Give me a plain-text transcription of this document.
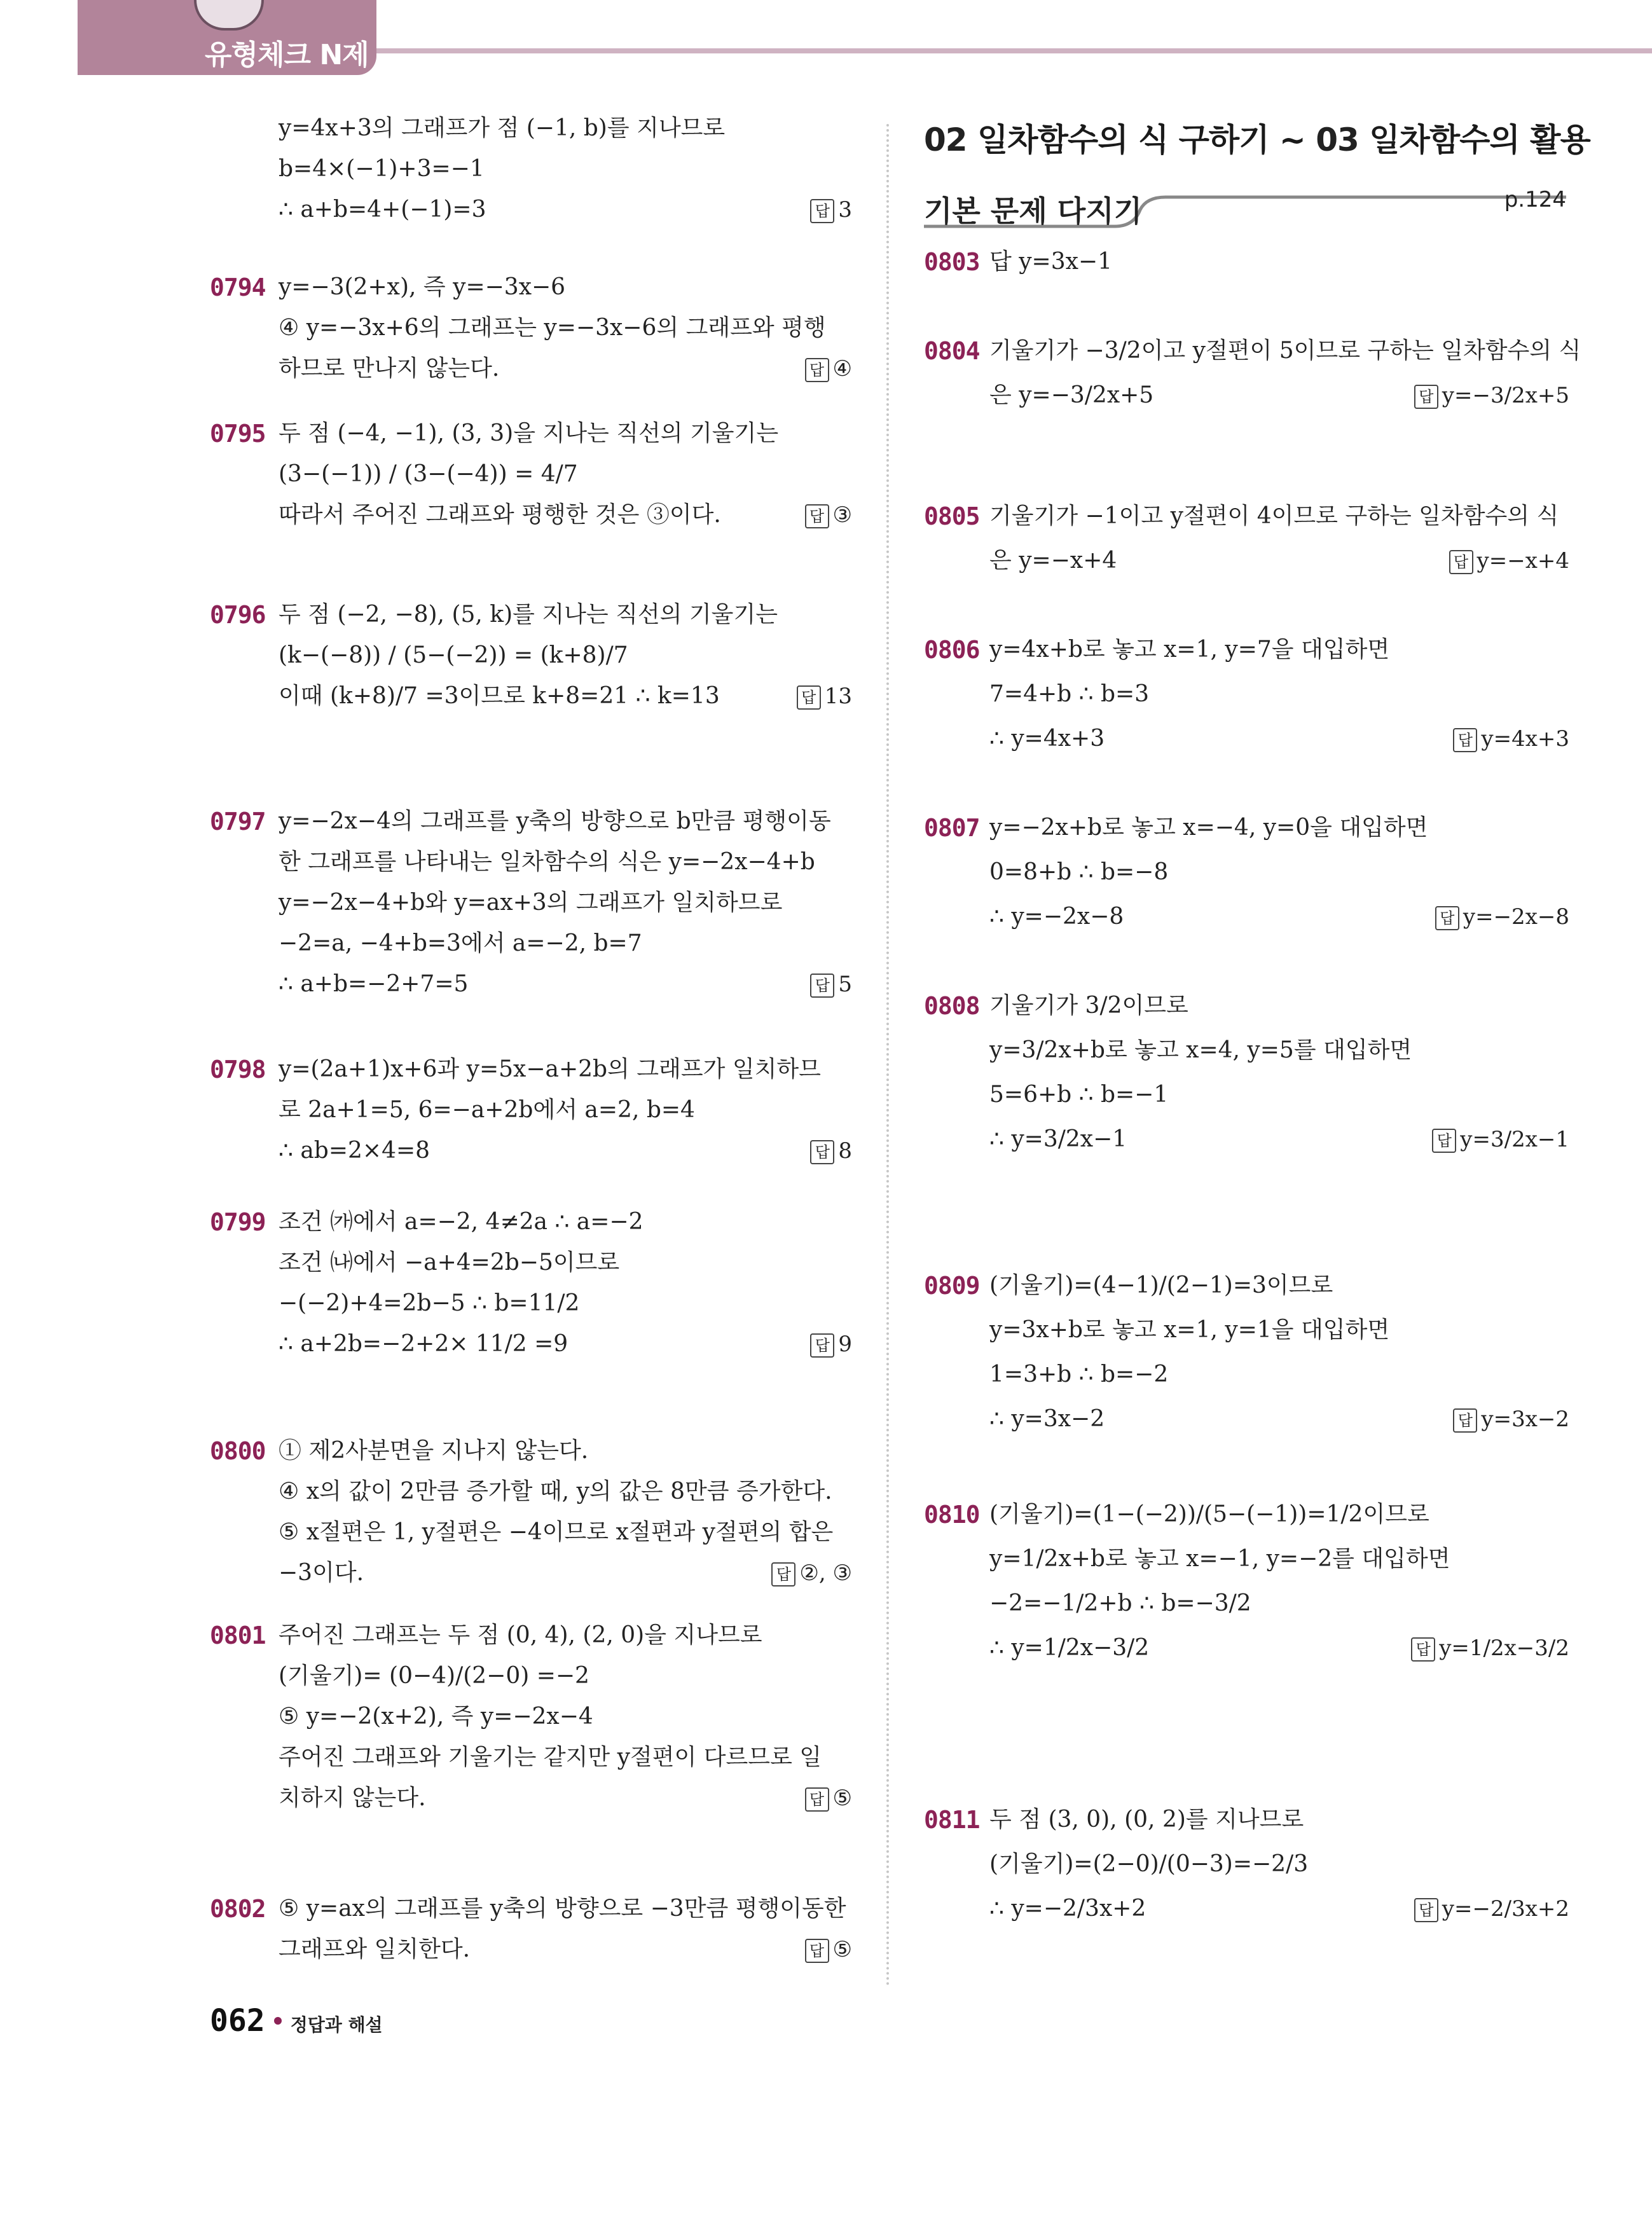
유형체크 N제
02 일차함수의 식 구하기 ~ 03 일차함수의 활용
기본 문제 다지기	p.124
y=4x+3의 그래프가 점 (−1, b)를 지나므로
b=4×(−1)+3=−1
∴ a+b=4+(−1)=3	답 3
0794 y=−3(2+x), 즉 y=−3x−6
④ y=−3x+6의 그래프는 y=−3x−6의 그래프와 평행
하므로 만나지 않는다.	답 ④
0795 두 점 (−4, −1), (3, 3)을 지나는 직선의 기울기는
(3−(−1)) / (3−(−4)) = 4/7
따라서 주어진 그래프와 평행한 것은 ③이다.	답 ③
0796 두 점 (−2, −8), (5, k)를 지나는 직선의 기울기는
(k−(−8)) / (5−(−2)) = (k+8)/7
이때 (k+8)/7 =3이므로 k+8=21 ∴ k=13	답 13
0797 y=−2x−4의 그래프를 y축의 방향으로 b만큼 평행이동
한 그래프를 나타내는 일차함수의 식은 y=−2x−4+b
y=−2x−4+b와 y=ax+3의 그래프가 일치하므로
−2=a, −4+b=3에서 a=−2, b=7
∴ a+b=−2+7=5	답 5
0798 y=(2a+1)x+6과 y=5x−a+2b의 그래프가 일치하므
로 2a+1=5, 6=−a+2b에서 a=2, b=4
∴ ab=2×4=8	답 8
0799 조건 ㈎에서 a=−2, 4≠2a ∴ a=−2
조건 ㈏에서 −a+4=2b−5이므로
−(−2)+4=2b−5 ∴ b=11/2
∴ a+2b=−2+2× 11/2 =9	답 9
0800 ① 제2사분면을 지나지 않는다.
④ x의 값이 2만큼 증가할 때, y의 값은 8만큼 증가한다.
⑤ x절편은 1, y절편은 −4이므로 x절편과 y절편의 합은
−3이다.	답 ②, ③
0801 주어진 그래프는 두 점 (0, 4), (2, 0)을 지나므로
(기울기)= (0−4)/(2−0) =−2
⑤ y=−2(x+2), 즉 y=−2x−4
주어진 그래프와 기울기는 같지만 y절편이 다르므로 일
치하지 않는다.	답 ⑤
0802 ⑤ y=ax의 그래프를 y축의 방향으로 −3만큼 평행이동한
그래프와 일치한다.	답 ⑤
0803 답 y=3x−1
0804 기울기가 −3/2이고 y절편이 5이므로 구하는 일차함수의 식
은 y=−3/2x+5	답 y=−3/2x+5
0805 기울기가 −1이고 y절편이 4이므로 구하는 일차함수의 식
은 y=−x+4	답 y=−x+4
0806 y=4x+b로 놓고 x=1, y=7을 대입하면
7=4+b ∴ b=3
∴ y=4x+3	답 y=4x+3
0807 y=−2x+b로 놓고 x=−4, y=0을 대입하면
0=8+b ∴ b=−8
∴ y=−2x−8	답 y=−2x−8
0808 기울기가 3/2이므로
y=3/2x+b로 놓고 x=4, y=5를 대입하면
5=6+b ∴ b=−1
∴ y=3/2x−1	답 y=3/2x−1
0809 (기울기)=(4−1)/(2−1)=3이므로
y=3x+b로 놓고 x=1, y=1을 대입하면
1=3+b ∴ b=−2
∴ y=3x−2	답 y=3x−2
0810 (기울기)=(1−(−2))/(5−(−1))=1/2이므로
y=1/2x+b로 놓고 x=−1, y=−2를 대입하면
−2=−1/2+b ∴ b=−3/2
∴ y=1/2x−3/2	답 y=1/2x−3/2
0811 두 점 (3, 0), (0, 2)를 지나므로
(기울기)=(2−0)/(0−3)=−2/3
∴ y=−2/3x+2	답 y=−2/3x+2
062 정답과 해설
